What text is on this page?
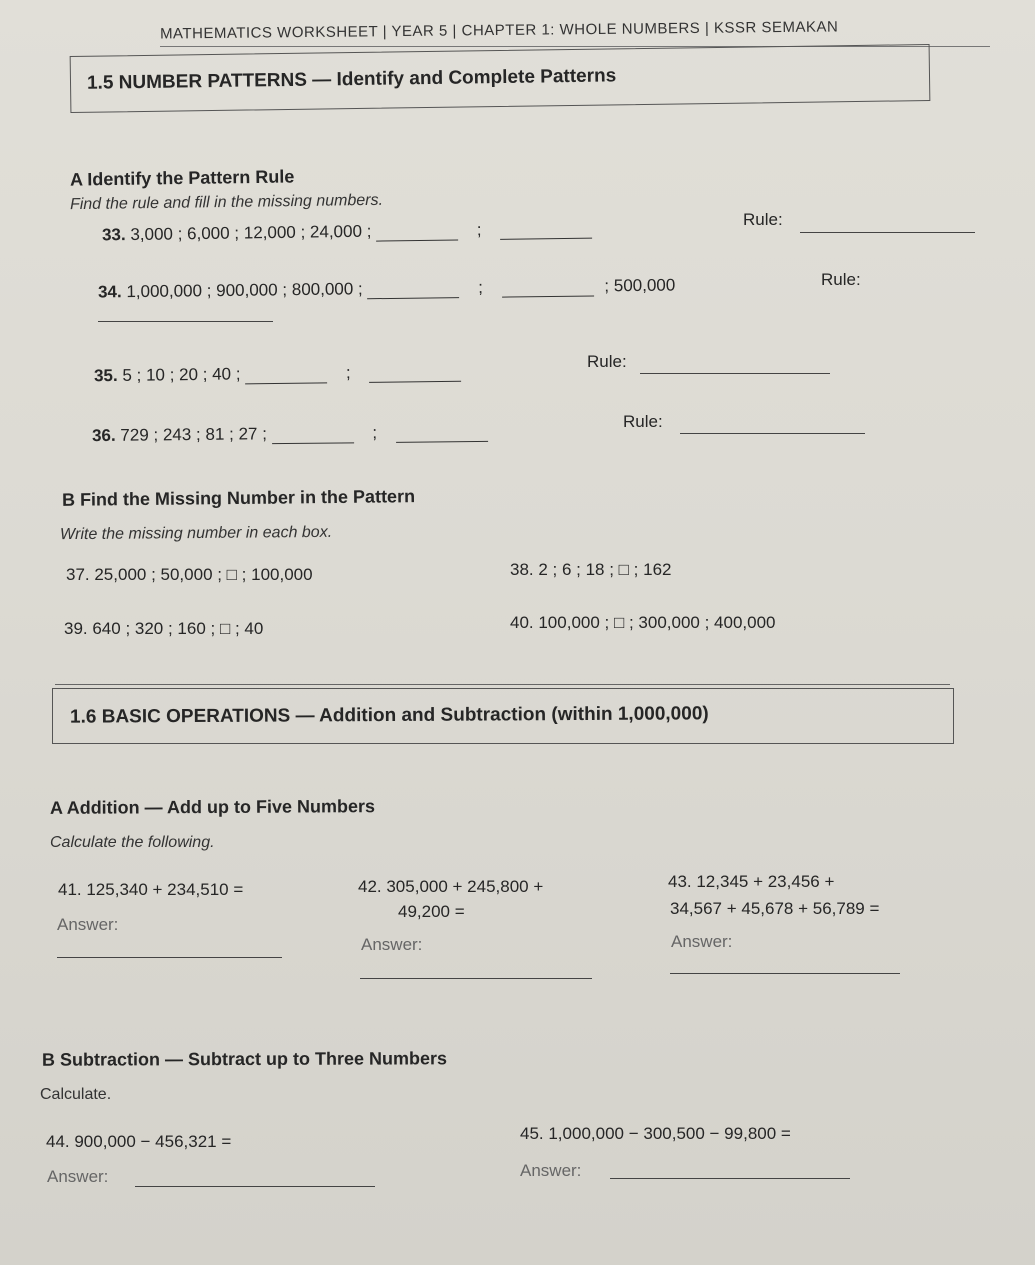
MATHEMATICS WORKSHEET | YEAR 5 | CHAPTER 1: WHOLE NUMBERS | KSSR SEMAKAN
1.5 NUMBER PATTERNS — Identify and Complete Patterns
A Identify the Pattern Rule
Find the rule and fill in the missing numbers.
33. 3,000 ; 6,000 ; 12,000 ; 24,000 ;	;
Rule:
34. 1,000,000 ; 900,000 ; 800,000 ;	;	; 500,000	Rule:
35. 5 ; 10 ; 20 ; 40 ;	;
Rule:
36. 729 ; 243 ; 81 ; 27 ;	;
Rule:
B Find the Missing Number in the Pattern
Write the missing number in each box.
37. 25,000 ; 50,000 ; □ ; 100,000	38. 2 ; 6 ; 18 ; □ ; 162
39. 640 ; 320 ; 160 ; □ ; 40	40. 100,000 ; □ ; 300,000 ; 400,000
1.6 BASIC OPERATIONS — Addition and Subtraction (within 1,000,000)
A Addition — Add up to Five Numbers
Calculate the following.
41. 125,340 + 234,510 =
Answer:
42. 305,000 + 245,800 +
49,200 =
Answer:
43. 12,345 + 23,456 +
34,567 + 45,678 + 56,789 =
Answer:
B Subtraction — Subtract up to Three Numbers
Calculate.
44. 900,000 − 456,321 =
Answer:
45. 1,000,000 − 300,500 − 99,800 =
Answer:
